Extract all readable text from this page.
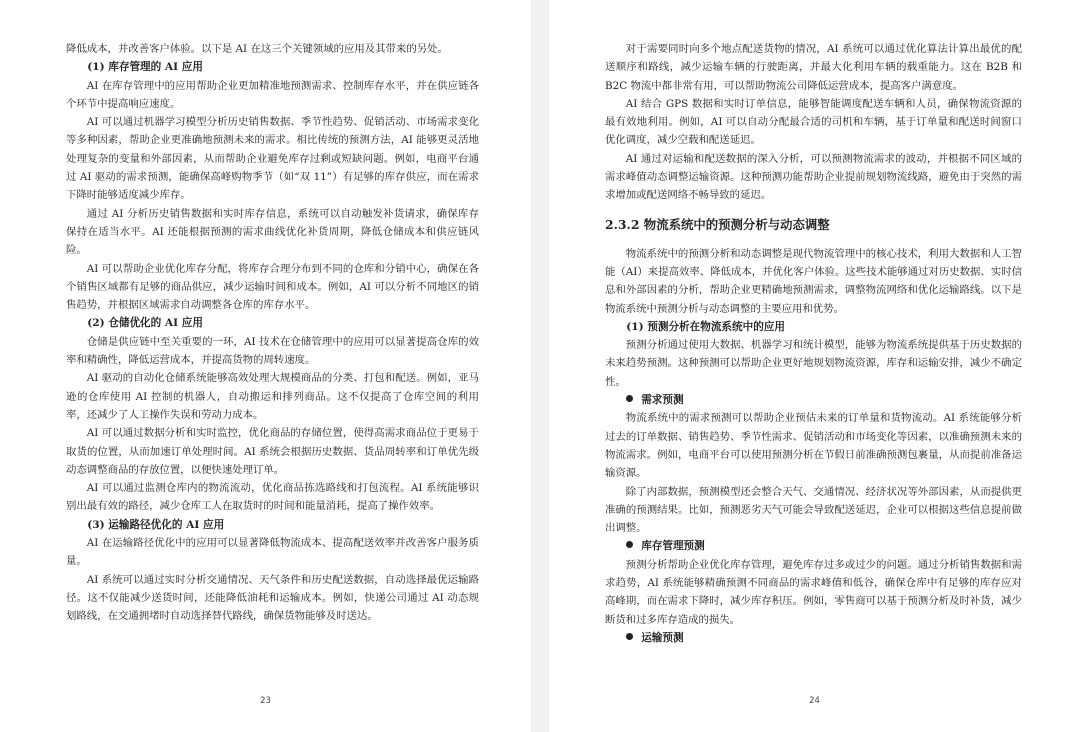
降低成本，并改善客户体验。以下是 AI 在这三个关键领域的应用及其带来的另处。

(1) 库存管理的 AI 应用

AI 在库存管理中的应用帮助企业更加精准地预测需求、控制库存水平，并在供应链各个环节中提高响应速度。

AI 可以通过机器学习模型分析历史销售数据、季节性趋势、促销活动、市场需求变化等多种因素，帮助企业更准确地预测未来的需求。相比传统的预测方法，AI 能够更灵活地处理复杂的变量和外部因素，从而帮助企业避免库存过剩或短缺问题。例如，电商平台通过 AI 驱动的需求预测，能确保高峰购物季节（如“双 11”）有足够的库存供应，而在需求下降时能够适度减少库存。

通过 AI 分析历史销售数据和实时库存信息，系统可以自动触发补货请求，确保库存保持在适当水平。AI 还能根据预测的需求曲线优化补货周期，降低仓储成本和供应链风险。

AI 可以帮助企业优化库存分配，将库存合理分布到不同的仓库和分销中心，确保在各个销售区域都有足够的商品供应，减少运输时间和成本。例如，AI 可以分析不同地区的销售趋势，并根据区域需求自动调整各仓库的库存水平。

(2) 仓储优化的 AI 应用

仓储是供应链中至关重要的一环，AI 技术在仓储管理中的应用可以显著提高仓库的效率和精确性，降低运营成本，并提高货物的周转速度。

AI 驱动的自动化仓储系统能够高效处理大规模商品的分类、打包和配送。例如，亚马逊的仓库使用 AI 控制的机器人，自动搬运和排列商品。这不仅提高了仓库空间的利用率，还减少了人工操作失误和劳动力成本。

AI 可以通过数据分析和实时监控，优化商品的存储位置，使得高需求商品位于更易于取货的位置，从而加速订单处理时间。AI 系统会根据历史数据、货品周转率和订单优先级动态调整商品的存放位置，以便快速处理订单。

AI 可以通过监测仓库内的物流流动，优化商品拣选路线和打包流程。AI 系统能够识别出最有效的路径，减少仓库工人在取货时的时间和能量消耗，提高了操作效率。

(3) 运输路径优化的 AI 应用

AI 在运输路径优化中的应用可以显著降低物流成本、提高配送效率并改善客户服务质量。

AI 系统可以通过实时分析交通情况、天气条件和历史配送数据，自动选择最优运输路径。这不仅能减少送货时间，还能降低油耗和运输成本。例如，快递公司通过 AI 动态规划路线，在交通拥堵时自动选择替代路线，确保货物能够及时送达。

23

对于需要同时向多个地点配送货物的情况，AI 系统可以通过优化算法计算出最优的配送顺序和路线，减少运输车辆的行驶距离，并最大化利用车辆的载重能力。这在 B2B 和 B2C 物流中都非常有用，可以帮助物流公司降低运营成本，提高客户满意度。

AI 结合 GPS 数据和实时订单信息，能够智能调度配送车辆和人员，确保物流资源的最有效地利用。例如，AI 可以自动分配最合适的司机和车辆，基于订单量和配送时间窗口优化调度，减少空载和配送延迟。

AI 通过对运输和配送数据的深入分析，可以预测物流需求的波动，并根据不同区域的需求峰值动态调整运输资源。这种预测功能帮助企业提前规划物流线路，避免由于突然的需求增加或配送网络不畅导致的延迟。

2.3.2 物流系统中的预测分析与动态调整

物流系统中的预测分析和动态调整是现代物流管理中的核心技术，利用大数据和人工智能（AI）来提高效率、降低成本，并优化客户体验。这些技术能够通过对历史数据、实时信息和外部因素的分析，帮助企业更精确地预测需求，调整物流网络和优化运输路线。以下是物流系统中预测分析与动态调整的主要应用和优势。

(1) 预测分析在物流系统中的应用

预测分析通过使用大数据、机器学习和统计模型，能够为物流系统提供基于历史数据的未来趋势预测。这种预测可以帮助企业更好地规划物流资源，库存和运输安排，减少不确定性。

需求预测

物流系统中的需求预测可以帮助企业预估未来的订单量和货物流动。AI 系统能够分析过去的订单数据、销售趋势、季节性需求、促销活动和市场变化等因素，以准确预测未来的物流需求。例如，电商平台可以使用预测分析在节假日前准确预测包裹量，从而提前准备运输资源。

除了内部数据，预测模型还会整合天气、交通情况、经济状况等外部因素，从而提供更准确的预测结果。比如，预测恶劣天气可能会导致配送延迟，企业可以根据这些信息提前做出调整。

库存管理预测

预测分析帮助企业优化库存管理，避免库存过多或过少的问题。通过分析销售数据和需求趋势，AI 系统能够精确预测不同商品的需求峰值和低谷，确保仓库中有足够的库存应对高峰期，而在需求下降时，减少库存积压。例如，零售商可以基于预测分析及时补货，减少断货和过多库存造成的损失。

运输预测
24
